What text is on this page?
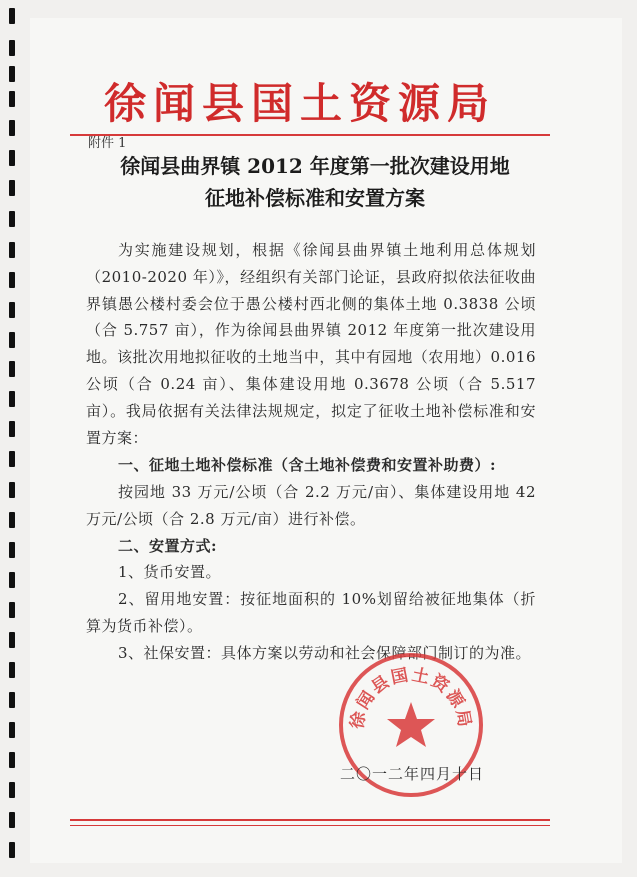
徐闻县国土资源局
附件 1
徐闻县曲界镇 2012 年度第一批次建设用地
征地补偿标准和安置方案
为实施建设规划，根据《徐闻县曲界镇土地利用总体规划（2010-2020 年）》，经组织有关部门论证，县政府拟依法征收曲界镇愚公楼村委会位于愚公楼村西北侧的集体土地 0.3838 公顷（合 5.757 亩），作为徐闻县曲界镇 2012 年度第一批次建设用地。该批次用地拟征收的土地当中，其中有园地（农用地）0.016 公顷（合 0.24 亩）、集体建设用地 0.3678 公顷（合 5.517 亩）。我局依据有关法律法规规定，拟定了征收土地补偿标准和安置方案：
一、征地土地补偿标准（含土地补偿费和安置补助费）:
按园地 33 万元/公顷（合 2.2 万元/亩）、集体建设用地 42 万元/公顷（合 2.8 万元/亩）进行补偿。
二、安置方式:
1、货币安置。
2、留用地安置：按征地面积的 10%划留给被征地集体（折算为货币补偿）。
3、社保安置：具体方案以劳动和社会保障部门制订的为准。
徐闻县国土资源局
二〇一二年四月十日
